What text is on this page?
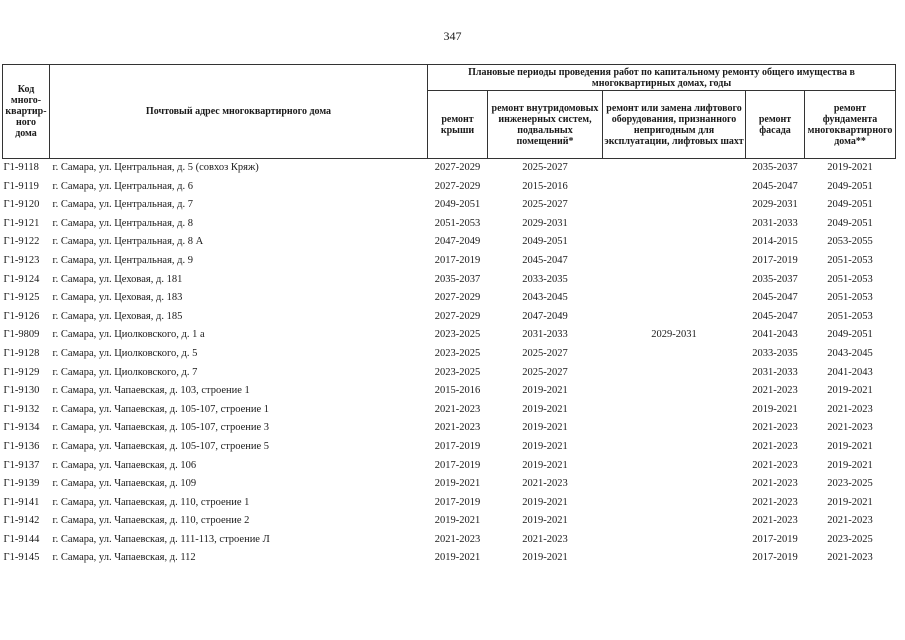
347
Код много-квартир-ного дома	Почтовый адрес многоквартирного дома	Плановые периоды проведения работ по капитальному ремонту общего имущества в многоквартирных домах, годы				
		ремонт крыши	ремонт внутридомовых инженерных систем, подвальных помещений*	ремонт или замена лифтового оборудования, признанного непригодным для эксплуатации, лифтовых шахт	ремонт фасада	ремонт фундамента многоквартирного дома**
Г1-9118	г. Самара, ул. Центральная, д. 5 (совхоз Кряж)	2027-2029	2025-2027		2035-2037	2019-2021
Г1-9119	г. Самара, ул. Центральная, д. 6	2027-2029	2015-2016		2045-2047	2049-2051
Г1-9120	г. Самара, ул. Центральная, д. 7	2049-2051	2025-2027		2029-2031	2049-2051
Г1-9121	г. Самара, ул. Центральная, д. 8	2051-2053	2029-2031		2031-2033	2049-2051
Г1-9122	г. Самара, ул. Центральная, д. 8 А	2047-2049	2049-2051		2014-2015	2053-2055
Г1-9123	г. Самара, ул. Центральная, д. 9	2017-2019	2045-2047		2017-2019	2051-2053
Г1-9124	г. Самара, ул. Цеховая, д. 181	2035-2037	2033-2035		2035-2037	2051-2053
Г1-9125	г. Самара, ул. Цеховая, д. 183	2027-2029	2043-2045		2045-2047	2051-2053
Г1-9126	г. Самара, ул. Цеховая, д. 185	2027-2029	2047-2049		2045-2047	2051-2053
Г1-9809	г. Самара, ул. Циолковского, д. 1 а	2023-2025	2031-2033	2029-2031	2041-2043	2049-2051
Г1-9128	г. Самара, ул. Циолковского, д. 5	2023-2025	2025-2027		2033-2035	2043-2045
Г1-9129	г. Самара, ул. Циолковского, д. 7	2023-2025	2025-2027		2031-2033	2041-2043
Г1-9130	г. Самара, ул. Чапаевская, д. 103, строение 1	2015-2016	2019-2021		2021-2023	2019-2021
Г1-9132	г. Самара, ул. Чапаевская, д. 105-107, строение 1	2021-2023	2019-2021		2019-2021	2021-2023
Г1-9134	г. Самара, ул. Чапаевская, д. 105-107, строение 3	2021-2023	2019-2021		2021-2023	2021-2023
Г1-9136	г. Самара, ул. Чапаевская, д. 105-107, строение 5	2017-2019	2019-2021		2021-2023	2019-2021
Г1-9137	г. Самара, ул. Чапаевская, д. 106	2017-2019	2019-2021		2021-2023	2019-2021
Г1-9139	г. Самара, ул. Чапаевская, д. 109	2019-2021	2021-2023		2021-2023	2023-2025
Г1-9141	г. Самара, ул. Чапаевская, д. 110, строение 1	2017-2019	2019-2021		2021-2023	2019-2021
Г1-9142	г. Самара, ул. Чапаевская, д. 110, строение 2	2019-2021	2019-2021		2021-2023	2021-2023
Г1-9144	г. Самара, ул. Чапаевская, д. 111-113, строение Л	2021-2023	2021-2023		2017-2019	2023-2025
Г1-9145	г. Самара, ул. Чапаевская, д. 112	2019-2021	2019-2021		2017-2019	2021-2023
